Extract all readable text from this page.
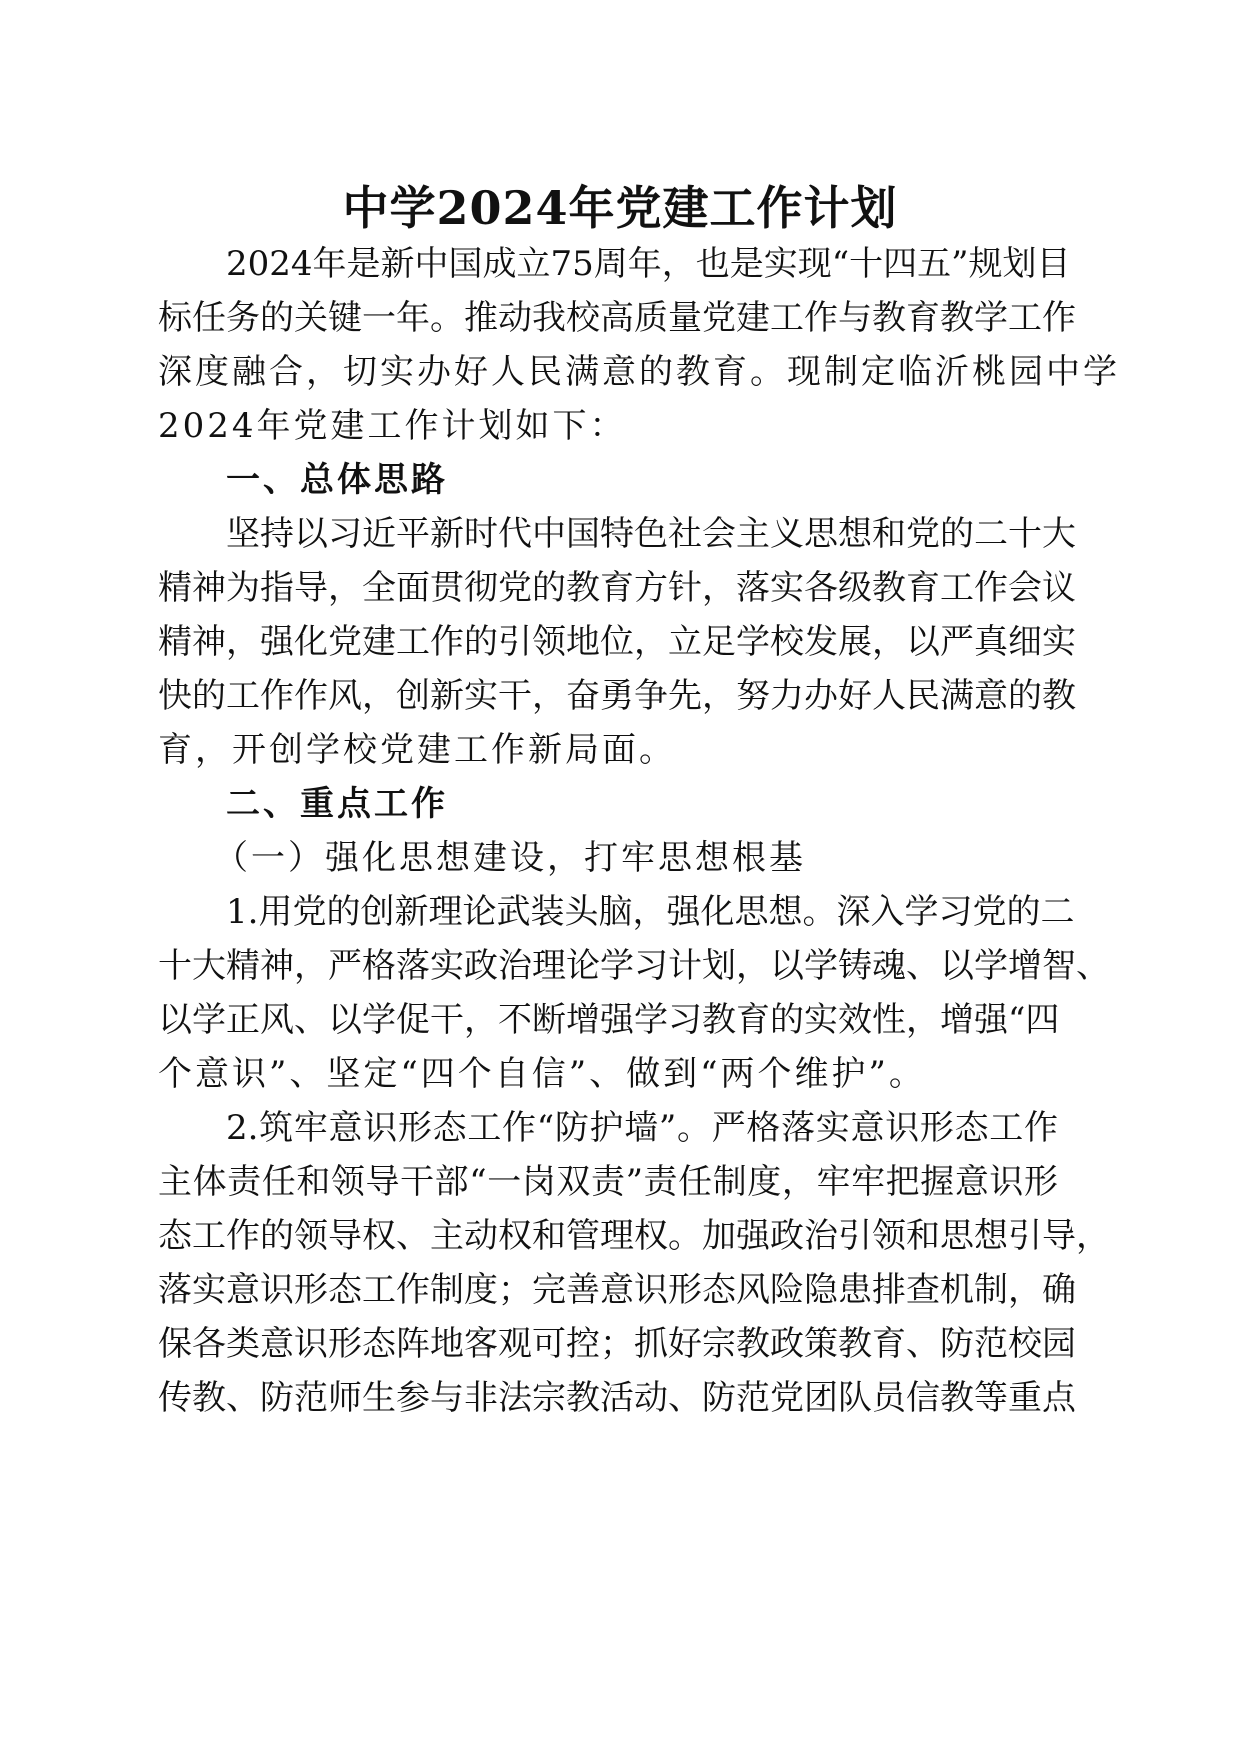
中学2024年党建工作计划

2024年是新中国成立75周年，也是实现“十四五”规划目

标任务的关键一年。推动我校高质量党建工作与教育教学工作

深度融合，切实办好人民满意的教育。现制定临沂桃园中学

2024年党建工作计划如下：

一、总体思路

坚持以习近平新时代中国特色社会主义思想和党的二十大

精神为指导，全面贯彻党的教育方针，落实各级教育工作会议

精神，强化党建工作的引领地位，立足学校发展，以严真细实

快的工作作风，创新实干，奋勇争先，努力办好人民满意的教

育，开创学校党建工作新局面。

二、重点工作

（一）强化思想建设，打牢思想根基

1.用党的创新理论武装头脑，强化思想。深入学习党的二

十大精神，严格落实政治理论学习计划，以学铸魂、以学增智、

以学正风、以学促干，不断增强学习教育的实效性，增强“四

个意识”、坚定“四个自信”、做到“两个维护”。

2.筑牢意识形态工作“防护墙”。严格落实意识形态工作

主体责任和领导干部“一岗双责”责任制度，牢牢把握意识形

态工作的领导权、主动权和管理权。加强政治引领和思想引导，

落实意识形态工作制度；完善意识形态风险隐患排查机制，确

保各类意识形态阵地客观可控；抓好宗教政策教育、防范校园

传教、防范师生参与非法宗教活动、防范党团队员信教等重点
